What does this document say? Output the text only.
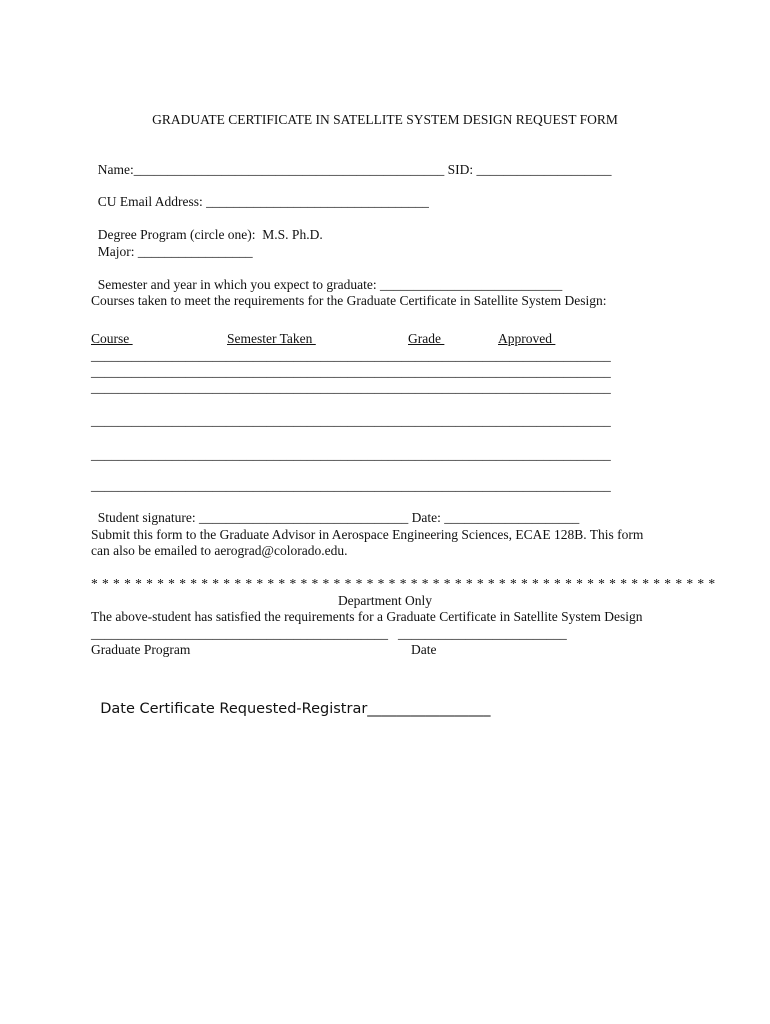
GRADUATE CERTIFICATE IN SATELLITE SYSTEM DESIGN REQUEST FORM

Name:______________________________________________ SID: ____________________

CU Email Address: _________________________________

Degree Program (circle one):  M.S. Ph.D.

Major: _________________

Semester and year in which you expect to graduate: ___________________________

Courses taken to meet the requirements for the Graduate Certificate in Satellite System Design:
Course	Semester Taken	Grade	Approved
_____________________________________________________________________________
_____________________________________________________________________________
_____________________________________________________________________________
_____________________________________________________________________________
_____________________________________________________________________________
_____________________________________________________________________________

Student signature: _______________________________ Date: ____________________

Submit this form to the Graduate Advisor in Aerospace Engineering Sciences, ECAE 128B. This form
can also be emailed to aerograd@colorado.edu.
* * * * * * * * * * * * * * * * * * * * * * * * * * * * * * * * * * * * * * * * * * * * * * * * * * * * * * * * *
Department Only
The above-student has satisfied the requirements for a Graduate Certificate in Satellite System Design
____________________________________________ _________________________
Graduate Program	Date

Date Certificate Requested-Registrar_________________
